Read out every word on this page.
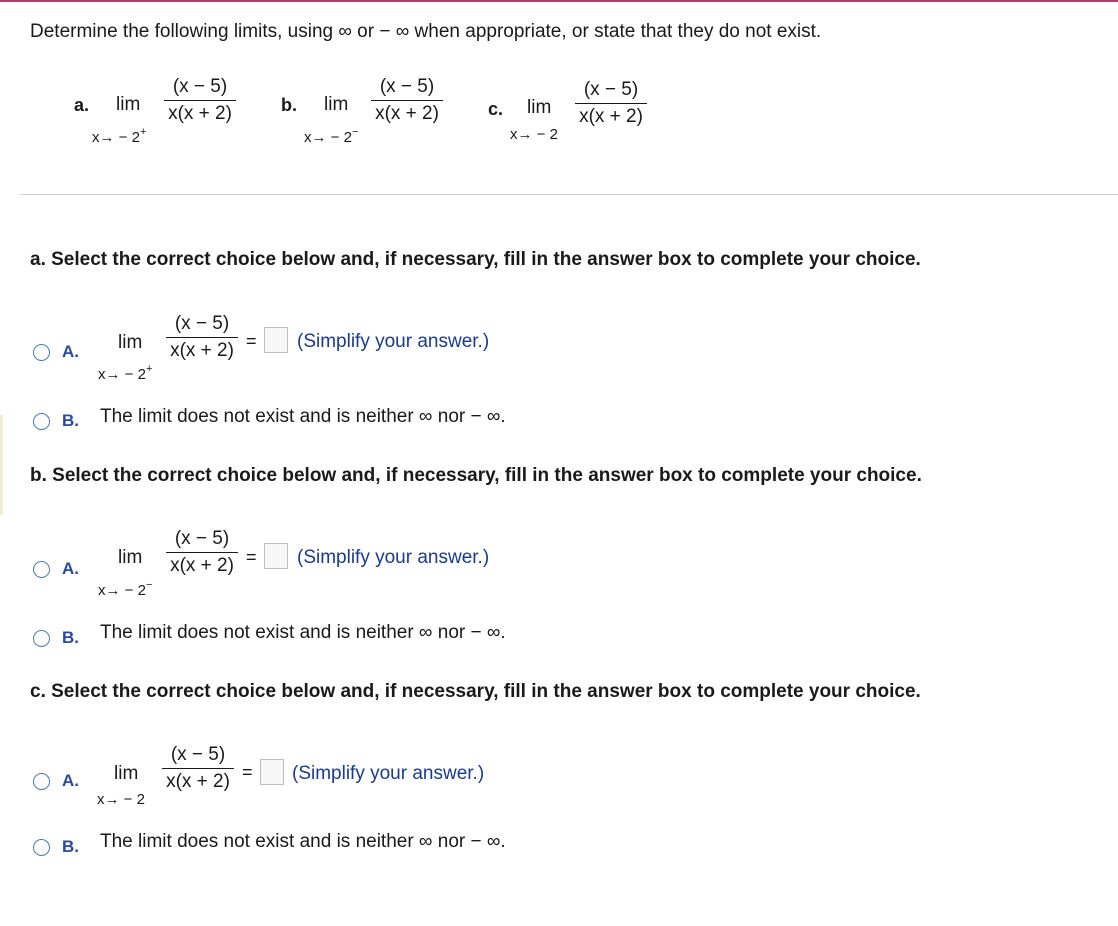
Determine the following limits, using ∞ or − ∞ when appropriate, or state that they do not exist.
a. lim
x→ − 2+
(x − 5)
x(x + 2)	b. lim
x→ − 2−
(x − 5)
x(x + 2)	c. lim
x→ − 2
(x − 5)
x(x + 2)
a. Select the correct choice below and, if necessary, fill in the answer box to complete your choice.
A. lim
x→ − 2+
(x − 5)
x(x + 2) = (Simplify your answer.)
B. The limit does not exist and is neither ∞ nor − ∞.
b. Select the correct choice below and, if necessary, fill in the answer box to complete your choice.
A.
lim
x→ − 2−
(x − 5)
x(x + 2) = (Simplify your answer.)
B. The limit does not exist and is neither ∞ nor − ∞.
c. Select the correct choice below and, if necessary, fill in the answer box to complete your choice.
A. lim
x→ − 2
(x − 5)
x(x + 2) = (Simplify your answer.)
B. The limit does not exist and is neither ∞ nor − ∞.
